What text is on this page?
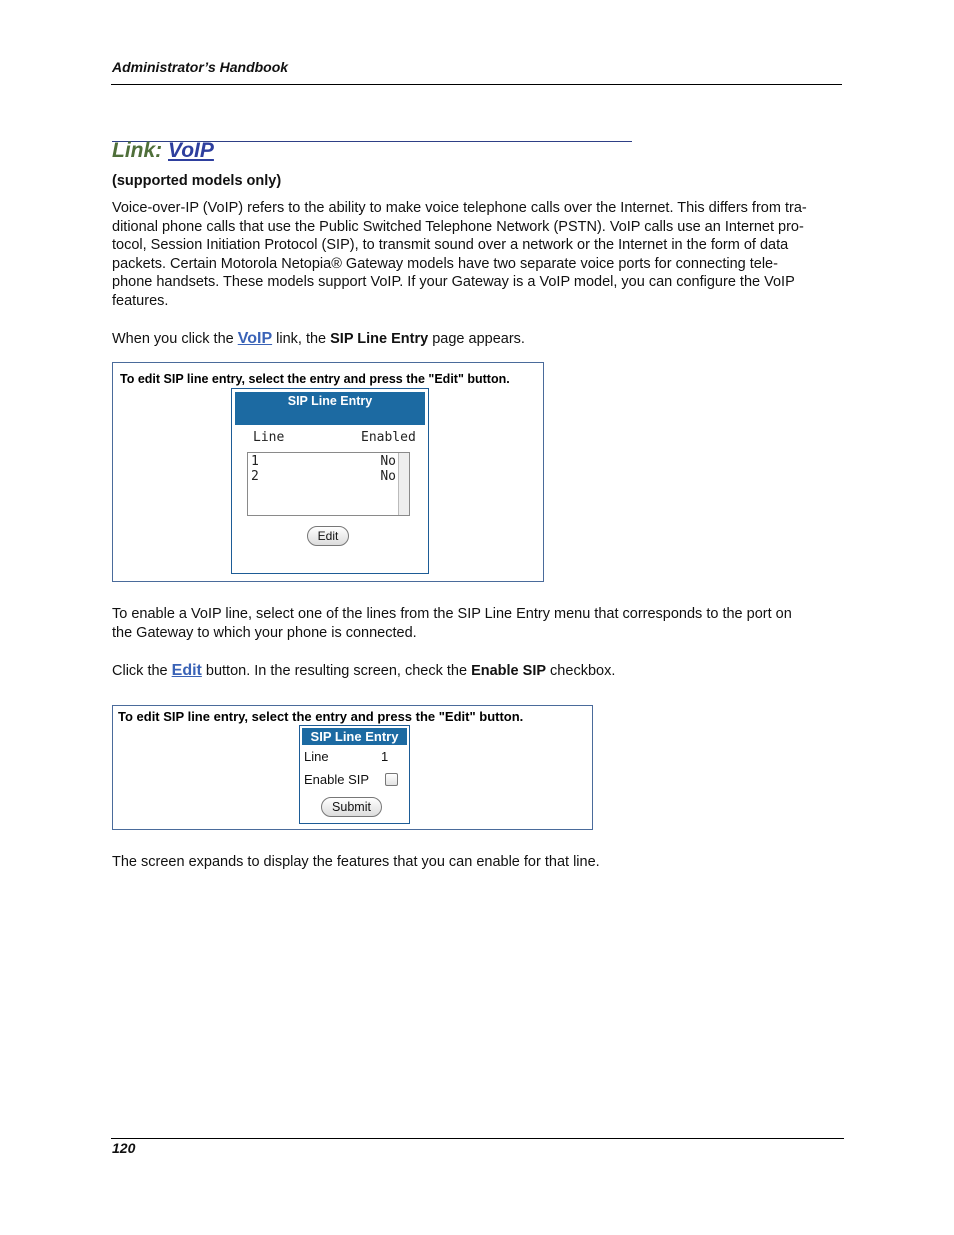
Administrator’s Handbook
Link: VoIP
(supported models only)
Voice-over-IP (VoIP) refers to the ability to make voice telephone calls over the Internet. This differs from tra-
ditional phone calls that use the Public Switched Telephone Network (PSTN). VoIP calls use an Internet pro-
tocol, Session Initiation Protocol (SIP), to transmit sound over a network or the Internet in the form of data
packets. Certain Motorola Netopia® Gateway models have two separate voice ports for connecting tele-
phone handsets. These models support VoIP. If your Gateway is a VoIP model, you can configure the VoIP
features.
When you click the VoIP link, the SIP Line Entry page appears.
To edit SIP line entry, select the entry and press the "Edit" button.
SIP Line Entry
Line	Enabled
1	No
2	No
Edit
To enable a VoIP line, select one of the lines from the SIP Line Entry menu that corresponds to the port on
the Gateway to which your phone is connected.
Click the Edit button. In the resulting screen, check the Enable SIP checkbox.
To edit SIP line entry, select the entry and press the "Edit" button.
SIP Line Entry
Line	1
Enable SIP
Submit
The screen expands to display the features that you can enable for that line.
120
